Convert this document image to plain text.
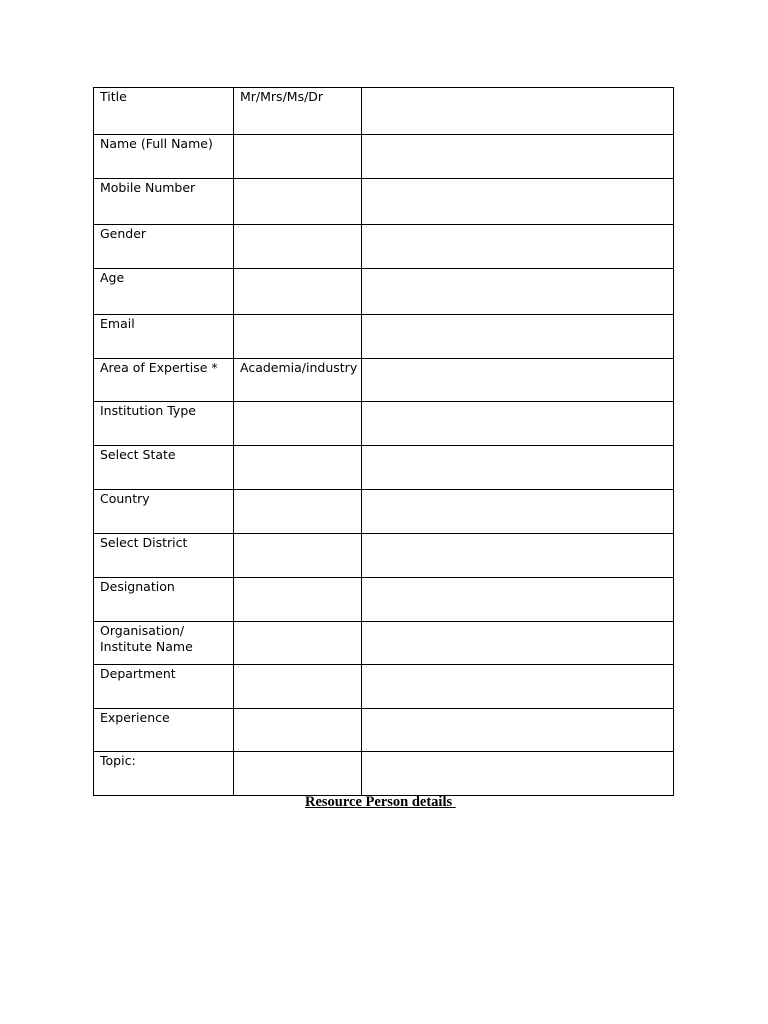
Title	Mr/Mrs/Ms/Dr	
Name (Full Name)		
Mobile Number		
Gender		
Age		
Email		
Area of Expertise *	Academia/industry	
Institution Type		
Select State		
Country		
Select District		
Designation		
Organisation/ Institute Name		
Department		
Experience		
Topic:		
Resource Person details
